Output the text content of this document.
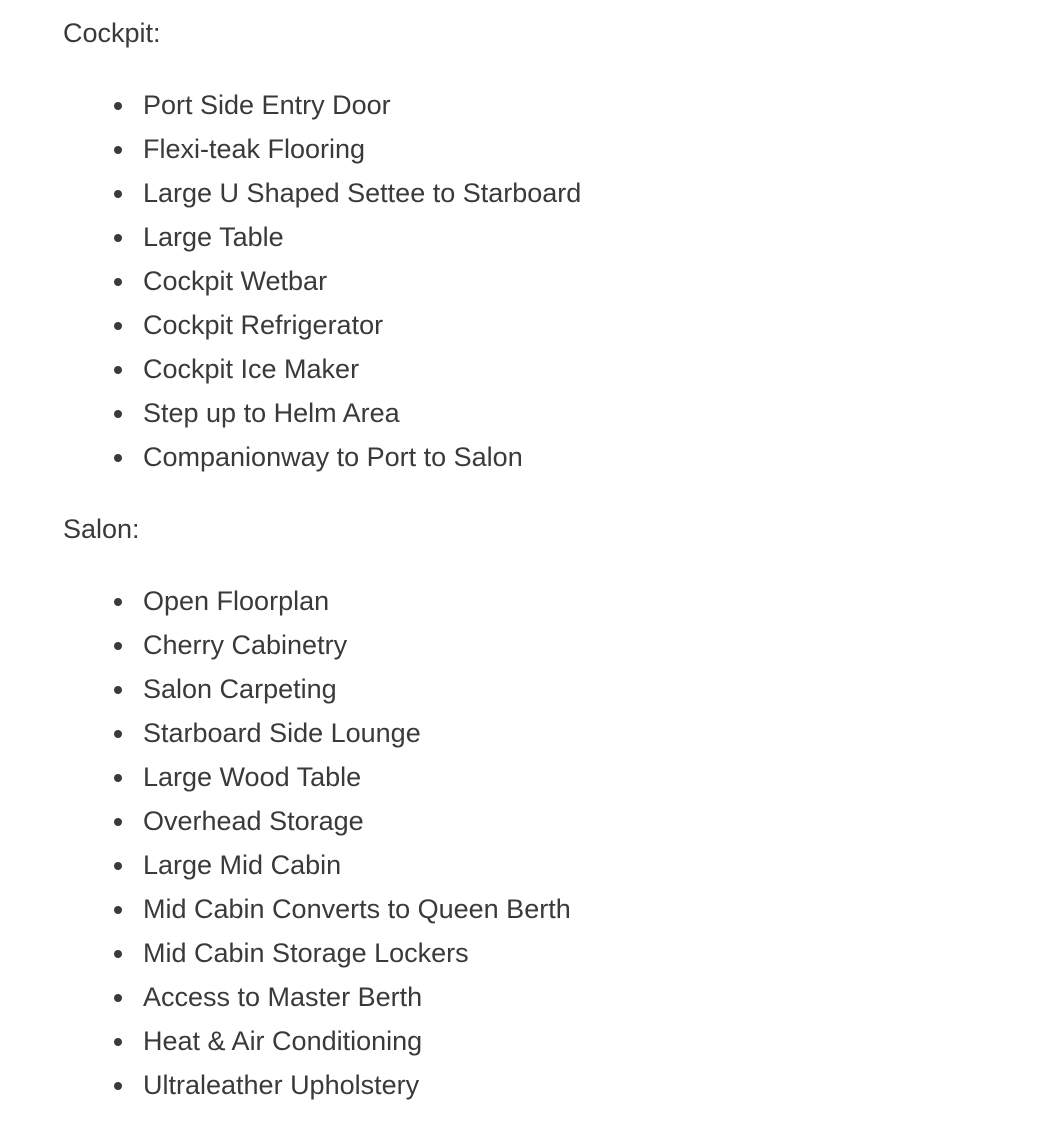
Cockpit:

Port Side Entry Door
Flexi-teak Flooring
Large U Shaped Settee to Starboard
Large Table
Cockpit Wetbar
Cockpit Refrigerator
Cockpit Ice Maker
Step up to Helm Area
Companionway to Port to Salon

Salon:

Open Floorplan
Cherry Cabinetry
Salon Carpeting
Starboard Side Lounge
Large Wood Table
Overhead Storage
Large Mid Cabin
Mid Cabin Converts to Queen Berth
Mid Cabin Storage Lockers
Access to Master Berth
Heat & Air Conditioning
Ultraleather Upholstery
